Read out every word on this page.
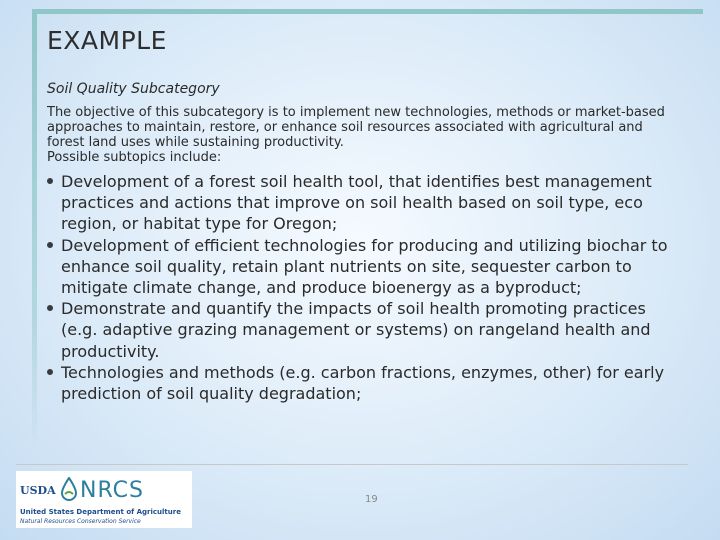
EXAMPLE

Soil Quality Subcategory

The objective of this subcategory is to implement new technologies, methods or market-based approaches to maintain, restore, or enhance soil resources associated with agricultural and forest land uses while sustaining productivity.

Possible subtopics include:

Development of a forest soil health tool, that identifies best management practices and actions that improve on soil health based on soil type, eco region, or habitat type for Oregon;
Development of efficient technologies for producing and utilizing biochar to enhance soil quality, retain plant nutrients on site, sequester carbon to mitigate climate change, and produce bioenergy as a byproduct;
Demonstrate and quantify the impacts of soil health promoting practices (e.g. adaptive grazing management or systems) on rangeland health and productivity.
Technologies and methods (e.g. carbon fractions, enzymes, other) for early prediction of soil quality degradation;
USDA NRCS
United States Department of Agriculture
Natural Resources Conservation Service
19
